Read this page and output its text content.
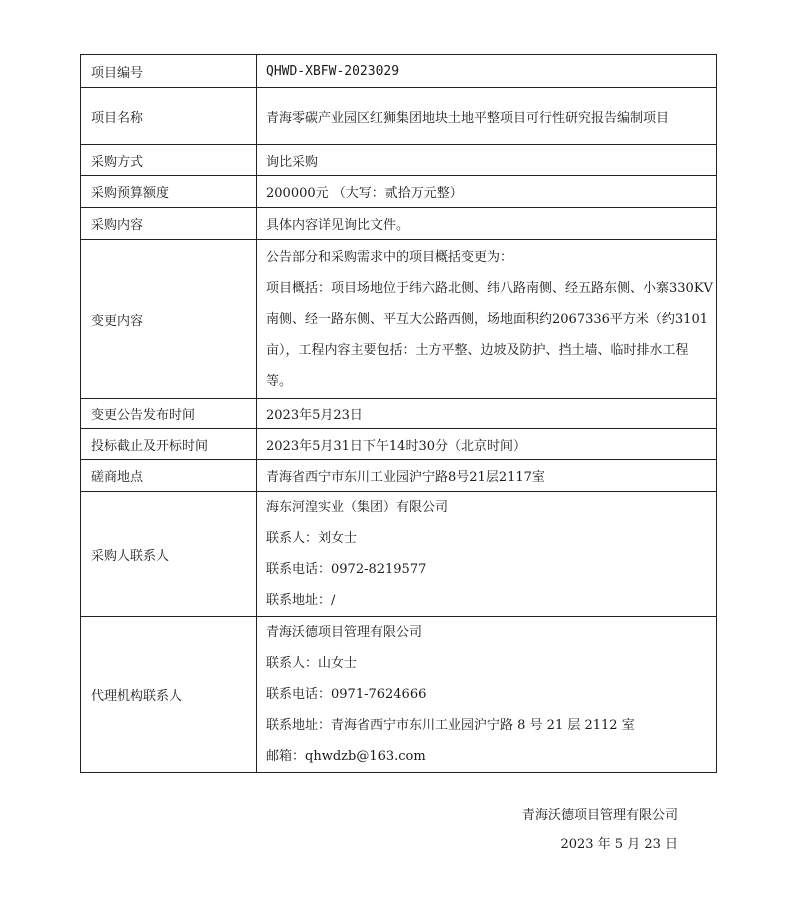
项目编号	QHWD-XBFW-2023029
项目名称	青海零碳产业园区红狮集团地块土地平整项目可行性研究报告编制项目
采购方式	询比采购
采购预算额度	200000元 （大写：贰拾万元整）
采购内容	具体内容详见询比文件。
变更内容	公告部分和采购需求中的项目概括变更为：
项目概括：项目场地位于纬六路北侧、纬八路南侧、经五路东侧、小寨330KV
南侧、经一路东侧、平互大公路西侧，场地面积约2067336平方米（约3101
亩），工程内容主要包括：土方平整、边坡及防护、挡土墙、临时排水工程
等。

变更公告发布时间	2023年5月23日
投标截止及开标时间	2023年5月31日下午14时30分（北京时间）
磋商地点	青海省西宁市东川工业园沪宁路8号21层2117室
采购人联系人	海东河湟实业（集团）有限公司
联系人：刘女士
联系电话：0972-8219577
联系地址：/

代理机构联系人	青海沃德项目管理有限公司
联系人：山女士
联系电话：0971-7624666
联系地址：青海省西宁市东川工业园沪宁路 8 号 21 层 2112 室
邮箱：qhwdzb@163.com
青海沃德项目管理有限公司
2023 年 5 月 23 日
